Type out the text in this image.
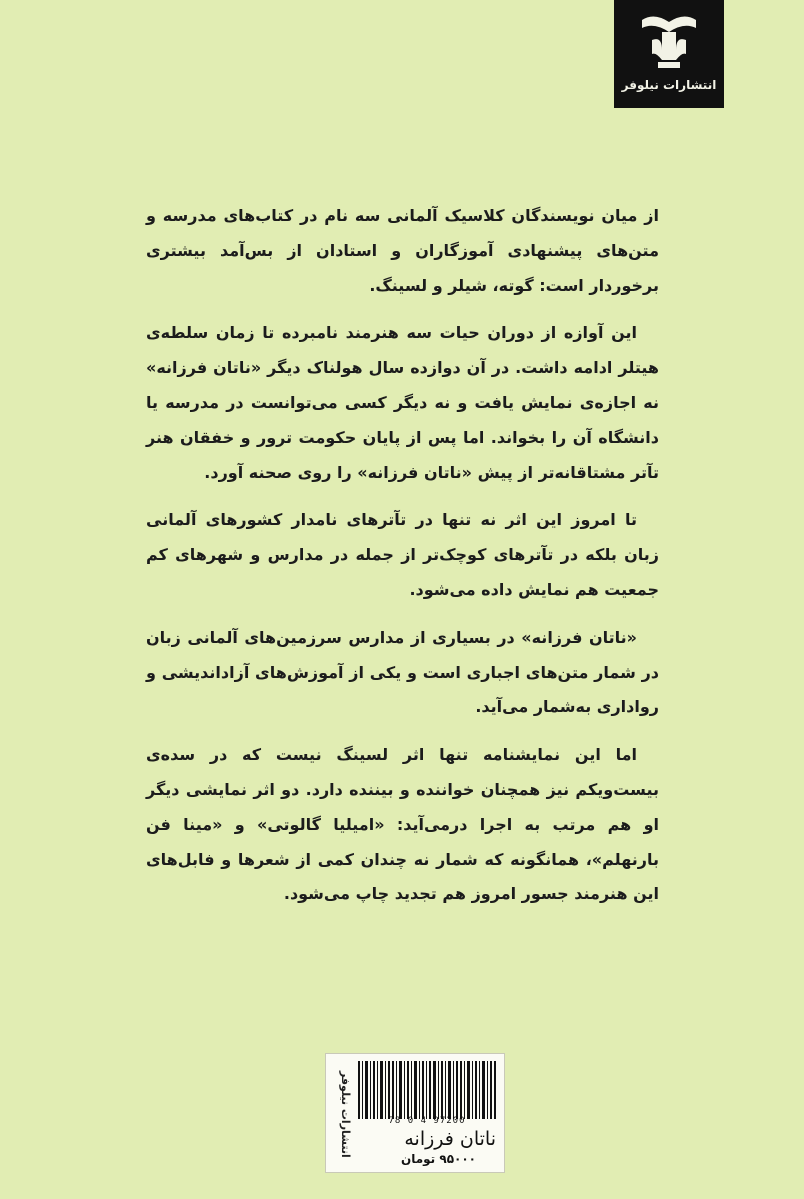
انتشارات نیلوفر

از میان نویسندگان کلاسیک آلمانی سه نام در کتاب‌های مدرسه و متن‌های پیشنهادی آموزگاران و استادان از بس‌آمد بیشتری برخوردار است: گوته، شیلر و لسینگ.

این آوازه از دوران حیات سه هنرمند نامبرده تا زمان سلطه‌ی هیتلر ادامه داشت. در آن دوازده سال هولناک دیگر «ناتان فرزانه» نه اجازه‌ی نمایش یافت و نه دیگر کسی می‌توانست در مدرسه یا دانشگاه آن را بخواند. اما پس از پایان حکومت ترور و خفقان هنر تآتر مشتاقانه‌تر از پیش «ناتان فرزانه» را روی صحنه آورد.

تا امروز این اثر نه تنها در تآترهای نامدار کشورهای آلمانی زبان بلکه در تآترهای کوچک‌تر از جمله در مدارس و شهرهای کم جمعیت هم نمایش داده می‌شود.

«ناتان فرزانه» در بسیاری از مدارس سرزمین‌های آلمانی زبان در شمار متن‌های اجباری است و یکی از آموزش‌های آزاداندیشی و رواداری به‌شمار می‌آید.

اما این نمایشنامه تنها اثر لسینگ نیست که در سده‌ی بیست‌ویکم نیز همچنان خواننده و بیننده دارد. دو اثر نمایشی دیگر او هم مرتب به اجرا درمی‌آید: «امیلیا گالوتی» و «مینا فن بارنهلم»، همانگونه که شمار نه چندان کمی از شعرها و فابل‌های این هنرمند جسور امروز هم تجدید چاپ می‌شود.

انتشارات نیلوفر	78 0 4 97200
ناتان فرزانه
۹۵۰۰۰ تومان
